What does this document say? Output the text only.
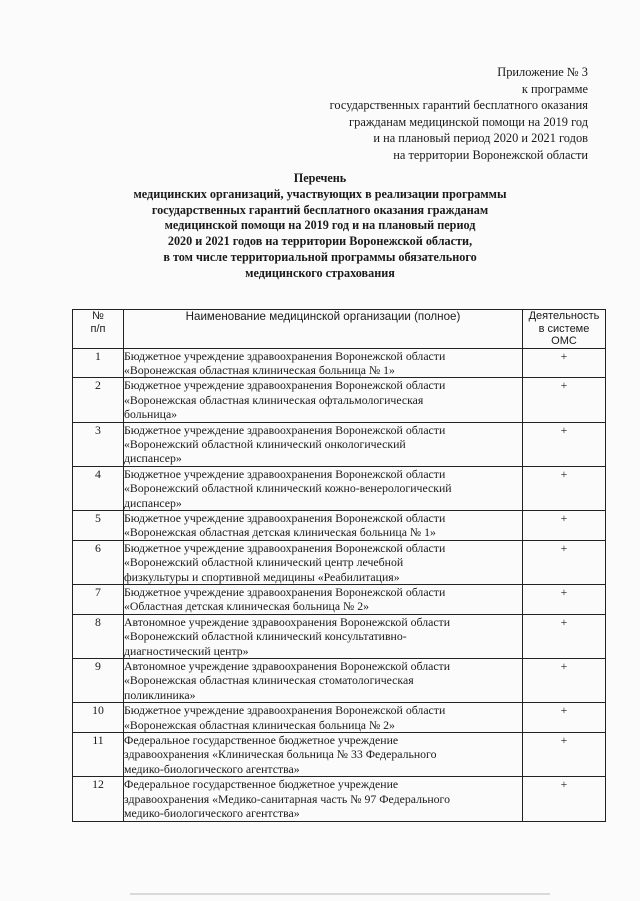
Приложение № 3
к программе
государственных гарантий бесплатного оказания
гражданам медицинской помощи на 2019 год
и на плановый период 2020 и 2021 годов
на территории Воронежской области
Перечень
медицинских организаций, участвующих в реализации программы
государственных гарантий бесплатного оказания гражданам
медицинской помощи на 2019 год и на плановый период
2020 и 2021 годов на территории Воронежской области,
в том числе территориальной программы обязательного
медицинского страхования
№
п/п	Наименование медицинской организации (полное)	Деятельность
в системе
ОМС

1	Бюджетное учреждение здравоохранения Воронежской области
«Воронежская областная клиническая больница № 1»	+
2	Бюджетное учреждение здравоохранения Воронежской области
«Воронежская областная клиническая офтальмологическая
больница»	+
3	Бюджетное учреждение здравоохранения Воронежской области
«Воронежский областной клинический онкологический
диспансер»	+
4	Бюджетное учреждение здравоохранения Воронежской области
«Воронежский областной клинический кожно-венерологический
диспансер»	+
5	Бюджетное учреждение здравоохранения Воронежской области
«Воронежская областная детская клиническая больница № 1»	+
6	Бюджетное учреждение здравоохранения Воронежской области
«Воронежский областной клинический центр лечебной
физкультуры и спортивной медицины «Реабилитация»	+
7	Бюджетное учреждение здравоохранения Воронежской области
«Областная детская клиническая больница № 2»	+
8	Автономное учреждение здравоохранения Воронежской области
«Воронежский областной клинический консультативно-
диагностический центр»	+
9	Автономное учреждение здравоохранения Воронежской области
«Воронежская областная клиническая стоматологическая
поликлиника»	+
10	Бюджетное учреждение здравоохранения Воронежской области
«Воронежская областная клиническая больница № 2»	+
11	Федеральное государственное бюджетное учреждение
здравоохранения «Клиническая больница № 33 Федерального
медико-биологического агентства»	+
12	Федеральное государственное бюджетное учреждение
здравоохранения «Медико-санитарная часть № 97 Федерального
медико-биологического агентства»	+
